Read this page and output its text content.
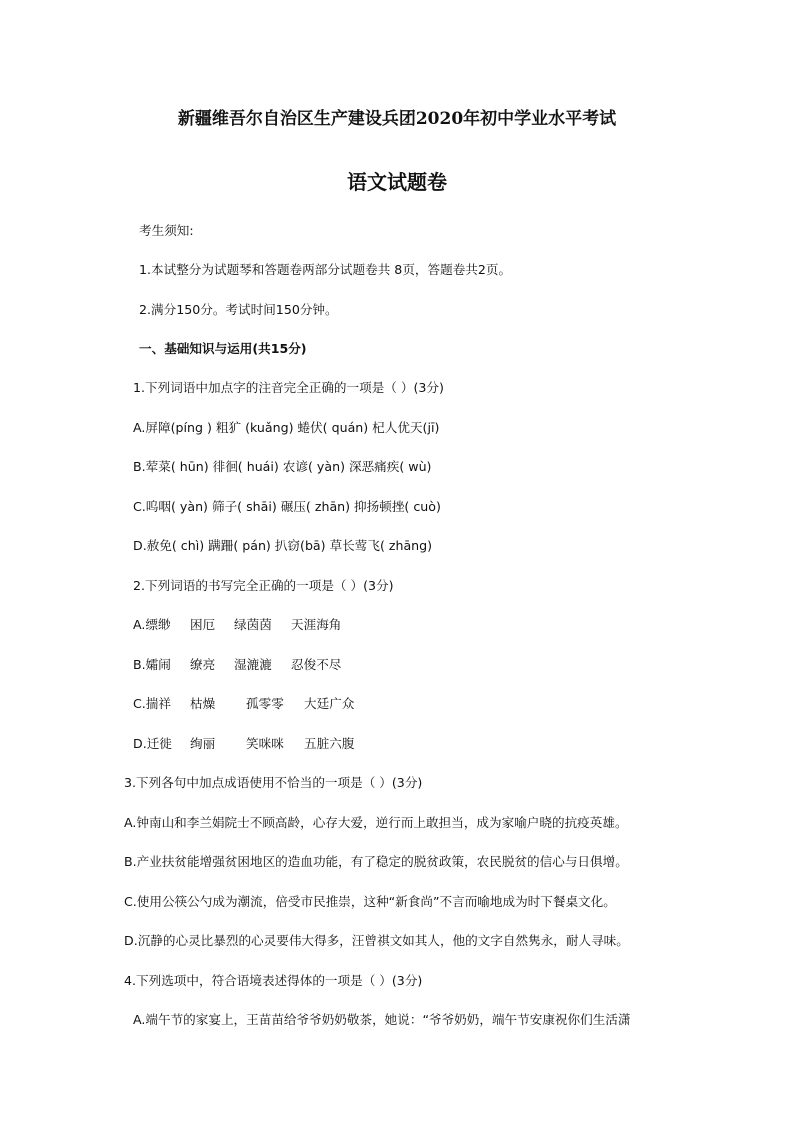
新疆维吾尔自治区生产建设兵团2020年初中学业水平考试
语文试题卷
考生须知:
1.本试整分为试题琴和答题卷两部分试题卷共 8页，答题卷共2页。
2.满分150分。考试时间150分钟。
一、基础知识与运用(共15分)
1.下列词语中加点字的注音完全正确的一项是（ ）(3分)
A.屏障(píng ) 粗犷 (kuǎng) 蜷伏( quán) 杞人优天(jī)
B.荤菜( hūn) 徘徊( huái) 农谚( yàn) 深恶痛疾( wù)
C.呜咽( yàn) 筛子( shāi) 碾压( zhān) 抑扬顿挫( cuò)
D.赦免( chì) 蹒跚( pán) 扒窃(bā) 草长莺飞( zhāng)
2.下列词语的书写完全正确的一项是（ ）(3分)
A.缥缈 困厄 绿茵茵 天涯海角
B.孀闹 缭亮 湿漉漉 忍俊不尽
C.揣祥 枯燥 孤零零 大廷广众
D.迁徙 绚丽 笑咪咪 五脏六腹
3.下列各句中加点成语使用不恰当的一项是（ ）(3分)
A.钟南山和李兰娟院士不顾高龄，心存大爱，逆行而上敢担当，成为家喻户晓的抗疫英雄。
B.产业扶贫能增强贫困地区的造血功能，有了稳定的脱贫政策，农民脱贫的信心与日俱增。
C.使用公筷公勺成为潮流，倍受市民推崇，这种“新食尚”不言而喻地成为时下餐桌文化。
D.沉静的心灵比暴烈的心灵要伟大得多，汪曾祺文如其人，他的文字自然隽永，耐人寻味。
4.下列选项中，符合语境表述得体的一项是（ ）(3分)
A.端午节的家宴上，王苗苗给爷爷奶奶敬茶，她说：“爷爷奶奶，端午节安康祝你们生活潇
